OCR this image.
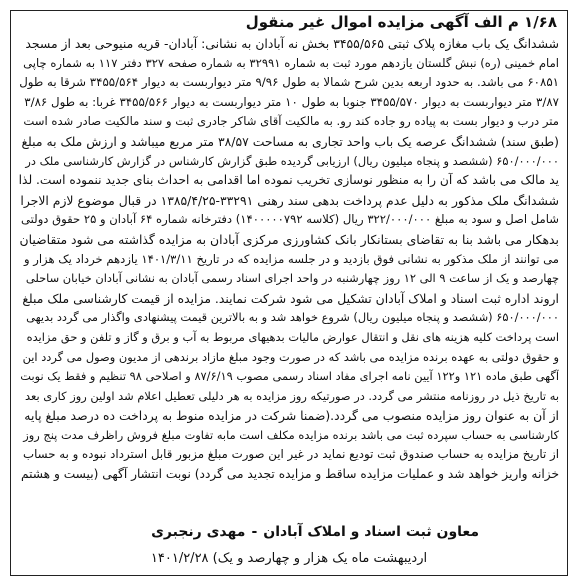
۱/۶۸ م الف آگهی مزایده اموال غیر منقول
ششدانگ یک باب مغازه پلاک ثبتی ۳۴۵۵/۵۶۵ بخش نه آبادان به نشانی: آبادان- قریه منیوحی بعد از مسجد
امام خمینی (ره) نبش گلستان یازدهم مورد ثبت به شماره ۳۲۹۹۱ به شماره صفحه ۳۲۷ دفتر ۱۱۷ به شماره چاپی
۶۰۸۵۱ می باشد. به حدود اربعه بدین شرح شمالا به طول ۹/۹۶ متر دیواربست به دیوار ۳۴۵۵/۵۶۴ شرقا به طول
۳/۸۷ متر دیواربست به دیوار ۳۴۵۵/۵۷۰ جنوبا به طول ۱۰ متر دیواربست به دیوار ۳۴۵۵/۵۶۶ غربا: به طول ۳/۸۶
متر درب و دیوار بست به پیاده رو جاده کند رو. به مالکیت آقای شاکر جادری ثبت و سند مالکیت صادر شده است
(طبق سند) ششدانگ عرصه یک باب واحد تجاری به مساحت ۳۸/۵۷ متر مربع میباشد و ارزش ملک به مبلغ
۶۵۰/۰۰۰/۰۰۰ (ششصد و پنجاه میلیون ریال) ارزیابی گردیده طبق گزارش کارشناس در گزارش کارشناسی ملک در
ید مالک می باشد که آن را به منظور نوسازی تخریب نموده اما اقدامی به احداث بنای جدید ننموده است. لذا
ششدانگ ملک مذکور به دلیل عدم پرداخت بدهی سند رهنی ۳۳۲۹۱-۱۳۸۵/۴/۲۵ در قبال موضوع لازم الاجرا
شامل اصل و سود به مبلغ ۳۲۲/۰۰۰/۰۰۰ ریال (کلاسه ۱۴۰۰۰۰۰۷۹۲) دفترخانه شماره ۶۴ آبادان و ۲۵ حقوق دولتی
بدهکار می باشد بنا به تقاضای بستانکار بانک کشاورزی مرکزی آبادان به مزایده گذاشته می شود متقاضیان
می توانند از ملک مذکور به نشانی فوق بازدید و در جلسه مزایده که در تاریخ ۱۴۰۱/۳/۱۱ یازدهم خرداد یک هزار و
چهارصد و یک از ساعت ۹ الی ۱۲ روز چهارشنبه در واحد اجرای اسناد رسمی آبادان به نشانی آبادان خیابان ساحلی
اروند اداره ثبت اسناد و املاک آبادان تشکیل می شود شرکت نمایند. مزایده از قیمت کارشناسی ملک مبلغ
۶۵۰/۰۰۰/۰۰۰ (ششصد و پنجاه میلیون ریال) شروع خواهد شد و به بالاترین قیمت پیشنهادی واگذار می گردد بدیهی
است پرداخت کلیه هزینه های نقل و انتقال عوارض مالیات بدهیهای مربوط به آب و برق و گاز و تلفن و حق مزایده
و حقوق دولتی به عهده برنده مزایده می باشد که در صورت وجود مبلغ مازاد برندهی از مدیون وصول می گردد این
آگهی طبق ماده ۱۲۱ و۱۲۲ آیین نامه اجرای مفاد اسناد رسمی مصوب ۸۷/۶/۱۹ و اصلاحی ۹۸ تنظیم و فقط یک نوبت
به تاریخ ذیل در روزنامه منتشر می گردد. در صورتیکه روز مزایده به هر دلیلی تعطیل اعلام شد اولین روز کاری بعد
از آن به عنوان روز مزایده منصوب می گردد.(ضمنا شرکت در مزایده منوط به پرداخت ده درصد مبلغ پایه
کارشناسی به حساب سپرده ثبت می باشد برنده مزایده مکلف است مابه تفاوت مبلغ فروش راظرف مدت پنج روز
از تاریخ مزایده به حساب صندوق ثبت تودیع نماید در غیر این صورت مبلغ مزبور قابل استرداد نبوده و به حساب
خزانه واریز خواهد شد و عملیات مزایده ساقط و مزایده تجدید می گردد) نوبت انتشار آگهی (بیست و هشتم
معاون ثبت اسناد و املاک آبادان-مهدی رنجبری
اردیبهشت ماه یک هزار و چهارصد و یک) ۱۴۰۱/۲/۲۸
